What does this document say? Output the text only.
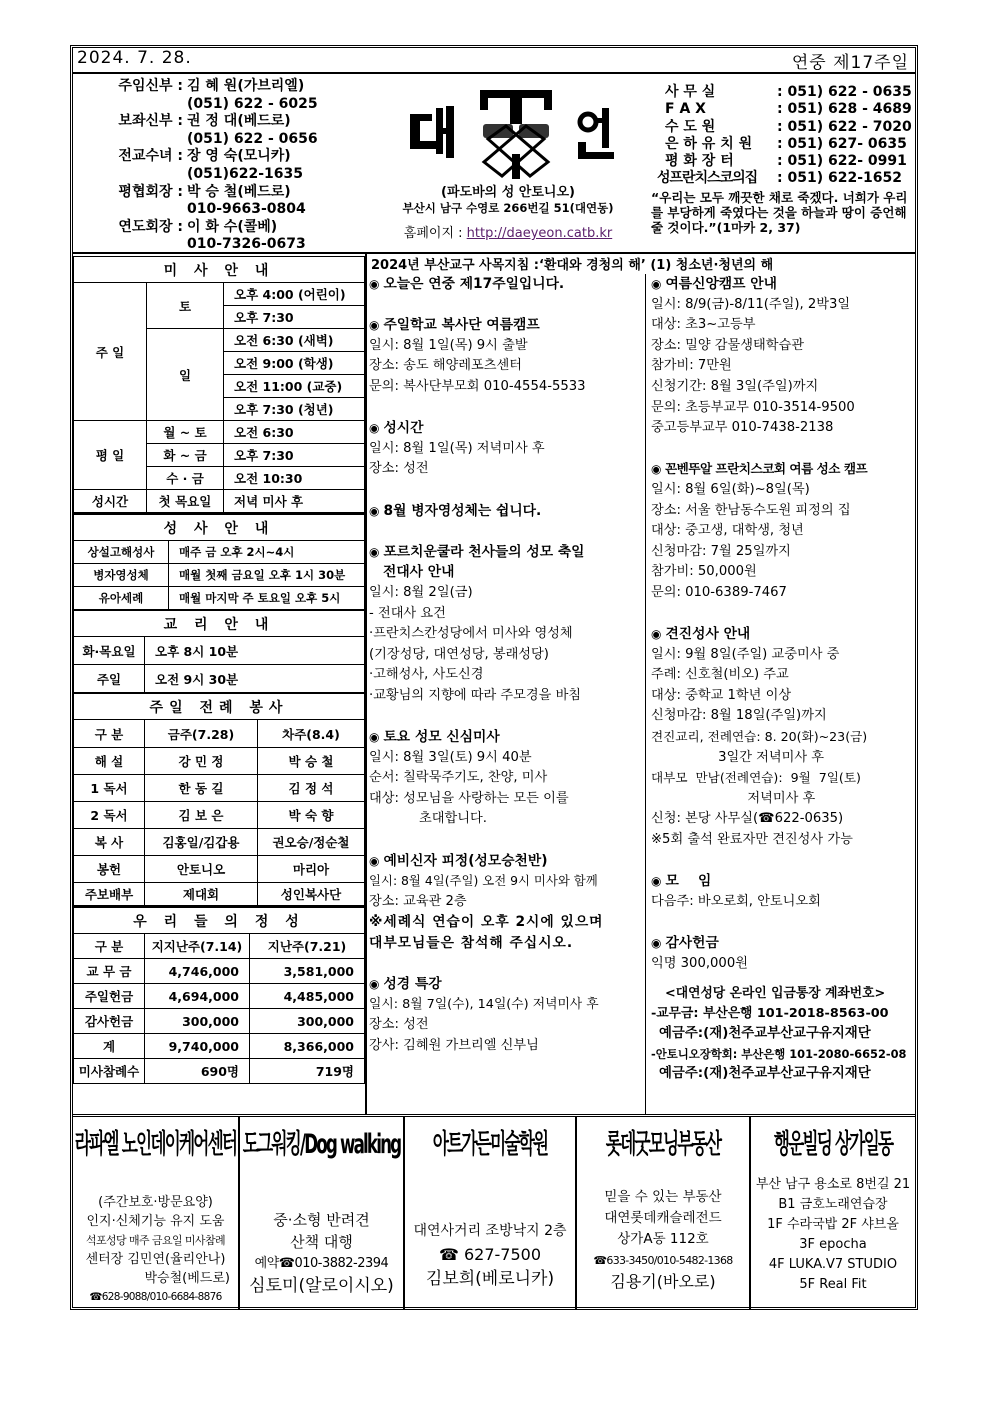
2024. 7. 28.	연중 제17주일
주임신부 : 김 혜 원(가브리엘)
(051) 622 - 6025
보좌신부 : 권 정 대(베드로)
(051) 622 - 0656
전교수녀 : 장 영 숙(모니카)
(051)622-1635
평협회장 : 박 승 철(베드로)
010-9663-0804
연도회장 : 이 화 수(콜베)
010-7326-0673
(파도바의 성 안토니오)
부산시 남구 수영로 266번길 51(대연동)
홈페이지 : http://daeyeon.catb.kr
사 무 실	: 051) 622 - 0635
F A X	: 051) 628 - 4689
수 도 원	: 051) 622 - 7020
은 하 유 치 원	: 051) 627- 0635
평 화 장 터	: 051) 622- 0991
성프란치스코의집	: 051) 622-1652
“우리는 모두 깨끗한 채로 죽겠다. 너희가 우리를 부당하게 죽였다는 것을 하늘과 땅이 증언해 줄 것이다.”(1마카 2, 37)
미 사 안 내		
주 일	토	오후 4:00 (어린이)
		오후 7:30
	일	오전 6:30 (새벽)
		오전 9:00 (학생)
		오전 11:00 (교중)
		오후 7:30 (청년)
평 일	월 ~ 토	오전 6:30
	화 ~ 금	오후 7:30
	수 · 금	오전 10:30
성시간	첫 목요일	저녁 미사 후
성 사 안 내	
상설고해성사	매주 금 오후 2시~4시
병자영성체	매월 첫째 금요일 오후 1시 30분
유아세례	매월 마지막 주 토요일 오후 5시
교 리 안 내	
화·목요일	오후 8시 10분
주일	오전 9시 30분
주일 전례 봉사		
구 분	금주(7.28)	차주(8.4)
해 설	강 민 정	박 승 철
1 독서	한 동 길	김 정 석
2 독서	김 보 은	박 숙 향
복 사	김홍일/김갑용	권오승/정순철
봉헌	안토니오	마리아
주보배부	제대회	성인복사단
우 리 들 의 정 성		
구 분	지지난주(7.14)	지난주(7.21)
교 무 금	4,746,000	3,581,000
주일헌금	4,694,000	4,485,000
감사헌금	300,000	300,000
계	9,740,000	8,366,000
미사참례수	690명	719명
2024년 부산교구 사목지침 :‘환대와 경청의 해’ (1) 청소년·청년의 해
◉ 오늘은 연중 제17주일입니다.
◉ 주일학교 복사단 여름캠프
일시: 8월 1일(목) 9시 출발
장소: 송도 해양레포츠센터
문의: 복사단부모회 010-4554-5533
◉ 성시간
일시: 8월 1일(목) 저녁미사 후
장소: 성전
◉ 8월 병자영성체는 쉽니다.
◉ 포르치운쿨라 천사들의 성모 축일
전대사 안내
일시: 8월 2일(금)
- 전대사 요건
·프란치스칸성당에서 미사와 영성체
(기장성당, 대연성당, 봉래성당)
·고해성사, 사도신경
·교황님의 지향에 따라 주모경을 바침
◉ 토요 성모 신심미사
일시: 8월 3일(토) 9시 40분
순서: 칠락묵주기도, 찬양, 미사
대상: 성모님을 사랑하는 모든 이를
초대합니다.
◉ 예비신자 피정(성모승천반)
일시: 8월 4일(주일) 오전 9시 미사와 함께
장소: 교육관 2층
※세례식 연습이 오후 2시에 있으며
대부모님들은 참석해 주십시오.
◉ 성경 특강
일시: 8월 7일(수), 14일(수) 저녁미사 후
장소: 성전
강사: 김혜원 가브리엘 신부님
◉ 여름신앙캠프 안내
일시: 8/9(금)-8/11(주일), 2박3일
대상: 초3~고등부
장소: 밀양 감물생태학습관
참가비: 7만원
신청기간: 8월 3일(주일)까지
문의: 초등부교무 010-3514-9500
중고등부교무 010-7438-2138
◉ 꼰벤뚜알 프란치스코회 여름 성소 캠프
일시: 8월 6일(화)~8일(목)
장소: 서울 한남동수도원 피정의 집
대상: 중고생, 대학생, 청년
신청마감: 7월 25일까지
참가비: 50,000원
문의: 010-6389-7467
◉ 견진성사 안내
일시: 9월 8일(주일) 교중미사 중
주례: 신호철(비오) 주교
대상: 중학교 1학년 이상
신청마감: 8월 18일(주일)까지
견진교리, 전례연습: 8. 20(화)~23(금)
3일간 저녁미사 후
대부모  만남(전례연습):  9월  7일(토)
저녁미사 후
신청: 본당 사무실(☎622-0635)
※5회 출석 완료자만 견진성사 가능
◉ 모    임
다음주: 바오로회, 안토니오회
◉ 감사헌금
익명 300,000원
<대연성당 온라인 입금통장 계좌번호>
-교무금: 부산은행 101-2018-8563-00
예금주:(재)천주교부산교구유지재단
-안토니오장학회: 부산은행 101-2080-6652-08
예금주:(재)천주교부산교구유지재단
라파엘 노인데이케어센터
(주간보호·방문요양)
인지·신체기능 유지 도움
석포성당 매주 금요일 미사참례
센터장 김민연(율리안나)
박승철(베드로)
☎628-9088/010-6684-8876
도그워킹/Dog walking
중·소형 반려견
산책 대행
예약☎010-3882-2394
심토미(알로이시오)
아트가든미술학원
대연사거리 조방낙지 2층
☎ 627-7500
김보희(베로니카)
롯데굿모닝부동산
믿을 수 있는 부동산
대연롯데캐슬레전드
상가A동 112호
☎633-3450/010-5482-1368
김용기(바오로)
행운빌딩 상가일동
부산 남구 용소로 8번길 21
B1 금호노래연습장
1F 수라국밥 2F 샤브올
3F epocha
4F LUKA.V7 STUDIO
5F Real Fit
